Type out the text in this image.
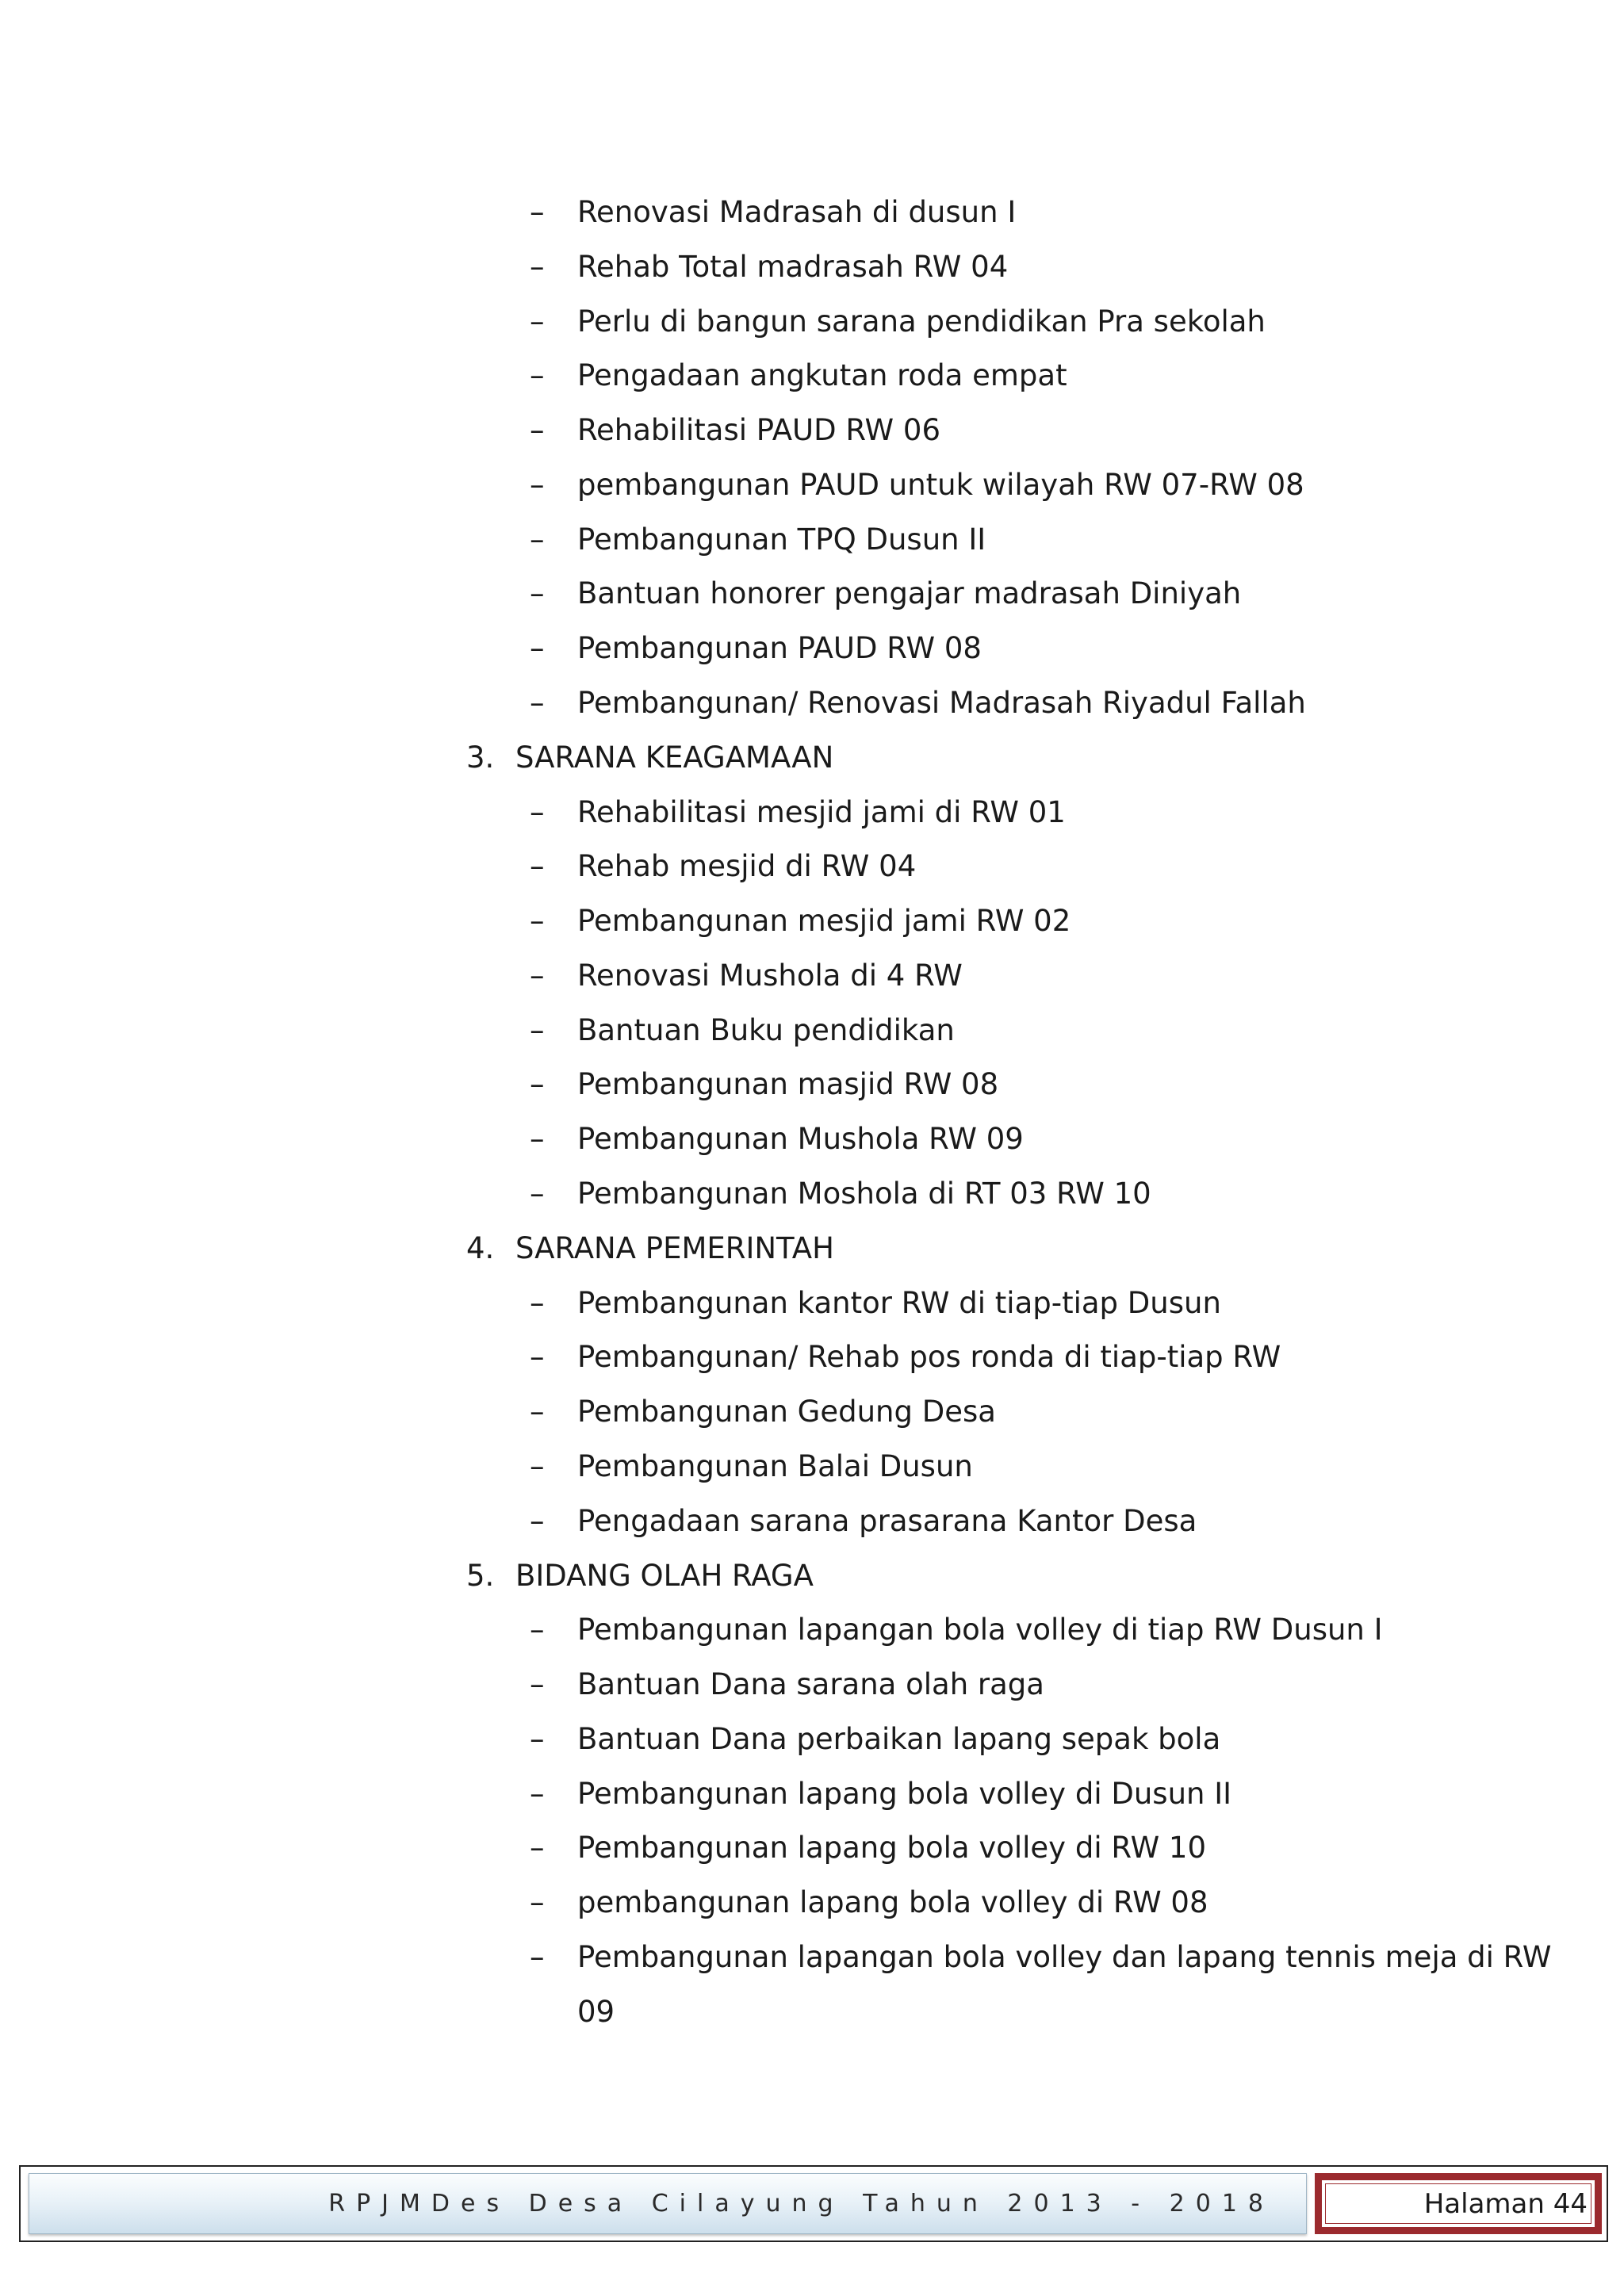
– Renovasi Madrasah di dusun I
– Rehab Total madrasah RW 04
– Perlu di bangun sarana pendidikan Pra sekolah
– Pengadaan angkutan roda empat
– Rehabilitasi PAUD RW 06
– pembangunan PAUD untuk wilayah RW 07-RW 08
– Pembangunan TPQ Dusun II
– Bantuan honorer pengajar madrasah Diniyah
– Pembangunan PAUD RW 08
– Pembangunan/ Renovasi Madrasah Riyadul Fallah
3. SARANA KEAGAMAAN
– Rehabilitasi mesjid jami di RW 01
– Rehab mesjid di RW 04
– Pembangunan mesjid jami RW 02
– Renovasi Mushola di 4 RW
– Bantuan Buku pendidikan
– Pembangunan masjid RW 08
– Pembangunan Mushola RW 09
– Pembangunan Moshola di RT 03 RW 10
4. SARANA PEMERINTAH
– Pembangunan kantor RW di tiap-tiap Dusun
– Pembangunan/ Rehab pos ronda di tiap-tiap RW
– Pembangunan Gedung Desa
– Pembangunan Balai Dusun
– Pengadaan sarana prasarana Kantor Desa
5. BIDANG OLAH RAGA
– Pembangunan lapangan bola volley di tiap RW Dusun I
– Bantuan Dana sarana olah raga
– Bantuan Dana perbaikan lapang sepak bola
– Pembangunan lapang bola volley di Dusun II
– Pembangunan lapang bola volley di RW 10
– pembangunan lapang bola volley di RW 08
– Pembangunan lapangan bola volley dan lapang tennis meja di RW
09
RPJMDes Desa Cilayung Tahun 2013 - 2018	Halaman 44
